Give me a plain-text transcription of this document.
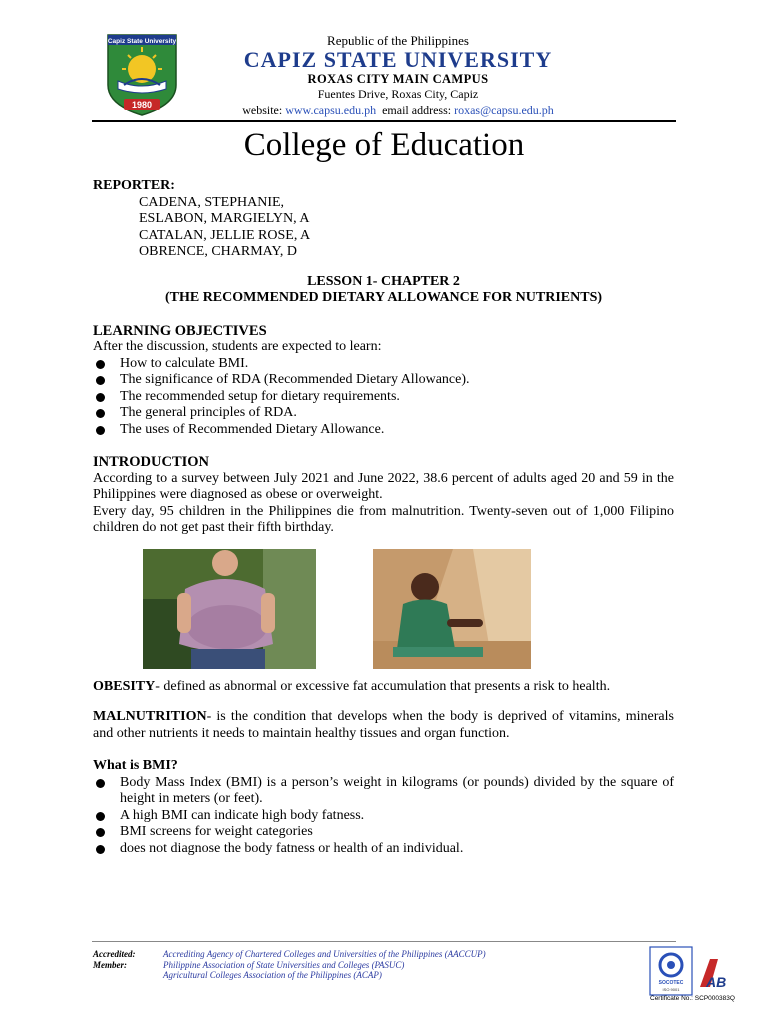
Capiz State University
1980
Republic of the Philippines
CAPIZ STATE UNIVERSITY
ROXAS CITY MAIN CAMPUS
Fuentes Drive, Roxas City, Capiz
website: www.capsu.edu.ph email address: roxas@capsu.edu.ph
College of Education
REPORTER:
CADENA, STEPHANIE,
ESLABON, MARGIELYN, A
CATALAN, JELLIE ROSE, A
OBRENCE, CHARMAY, D
LESSON 1- CHAPTER 2
(THE RECOMMENDED DIETARY ALLOWANCE FOR NUTRIENTS)
LEARNING OBJECTIVES
After the discussion, students are expected to learn:
How to calculate BMI.
The significance of RDA (Recommended Dietary Allowance).
The recommended setup for dietary requirements.
The general principles of RDA.
The uses of Recommended Dietary Allowance.
INTRODUCTION
According to a survey between July 2021 and June 2022, 38.6 percent of adults aged 20 and 59 in the Philippines were diagnosed as obese or overweight.
Every day, 95 children in the Philippines die from malnutrition. Twenty-seven out of 1,000 Filipino children do not get past their fifth birthday.
OBESITY- defined as abnormal or excessive fat accumulation that presents a risk to health.
MALNUTRITION- is the condition that develops when the body is deprived of vitamins, minerals and other nutrients it needs to maintain healthy tissues and organ function.
What is BMI?
Body Mass Index (BMI) is a person’s weight in kilograms (or pounds) divided by the square of height in meters (or feet).
A high BMI can indicate high body fatness.
BMI screens for weight categories
does not diagnose the body fatness or health of an individual.
Accredited:	Accrediting Agency of Chartered Colleges and Universities of the Philippines (AACCUP)
Member:	Philippine Association of State Universities and Colleges (PASUC)
Agricultural Colleges Association of the Philippines (ACAP)
SOCOTEC
ISO 9001 AB
Certificate No.: SCP000383Q
